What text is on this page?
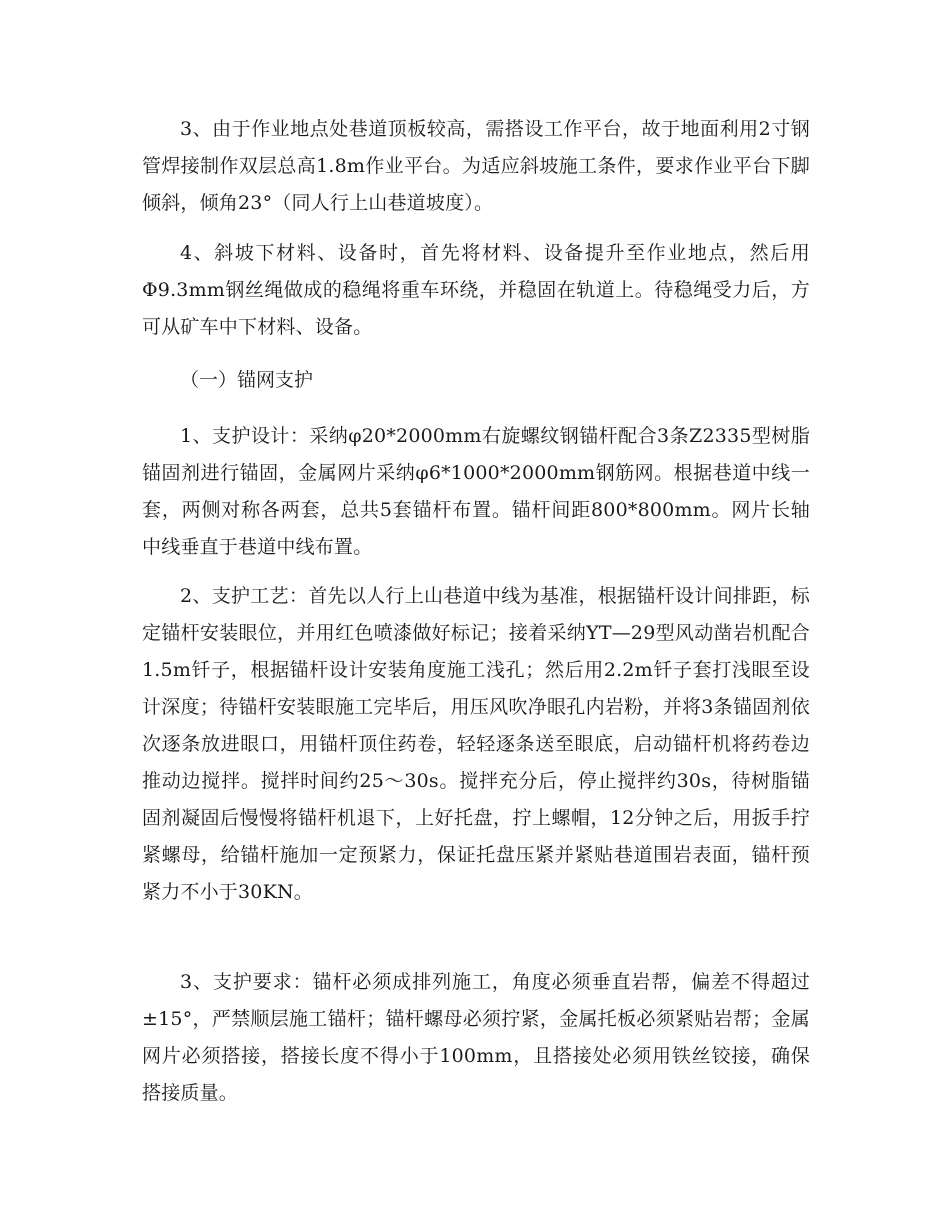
3、由于作业地点处巷道顶板较高，需搭设工作平台，故于地面利用2寸钢管焊接制作双层总高1.8m作业平台。为适应斜坡施工条件，要求作业平台下脚倾斜，倾角23°（同人行上山巷道坡度）。

4、斜坡下材料、设备时，首先将材料、设备提升至作业地点，然后用Φ9.3mm钢丝绳做成的稳绳将重车环绕，并稳固在轨道上。待稳绳受力后，方可从矿车中下材料、设备。

（一）锚网支护

1、支护设计：采纳φ20*2000mm右旋螺纹钢锚杆配合3条Z2335型树脂锚固剂进行锚固，金属网片采纳φ6*1000*2000mm钢筋网。根据巷道中线一套，两侧对称各两套，总共5套锚杆布置。锚杆间距800*800mm。网片长轴中线垂直于巷道中线布置。

2、支护工艺：首先以人行上山巷道中线为基准，根据锚杆设计间排距，标定锚杆安装眼位，并用红色喷漆做好标记；接着采纳YT—29型风动凿岩机配合1.5m钎子，根据锚杆设计安装角度施工浅孔；然后用2.2m钎子套打浅眼至设计深度；待锚杆安装眼施工完毕后，用压风吹净眼孔内岩粉，并将3条锚固剂依次逐条放进眼口，用锚杆顶住药卷，轻轻逐条送至眼底，启动锚杆机将药卷边推动边搅拌。搅拌时间约25～30s。搅拌充分后，停止搅拌约30s，待树脂锚固剂凝固后慢慢将锚杆机退下，上好托盘，拧上螺帽，12分钟之后，用扳手拧紧螺母，给锚杆施加一定预紧力，保证托盘压紧并紧贴巷道围岩表面，锚杆预紧力不小于30KN。

3、支护要求：锚杆必须成排列施工，角度必须垂直岩帮，偏差不得超过±15°，严禁顺层施工锚杆；锚杆螺母必须拧紧，金属托板必须紧贴岩帮；金属网片必须搭接，搭接长度不得小于100mm，且搭接处必须用铁丝铰接，确保搭接质量。
